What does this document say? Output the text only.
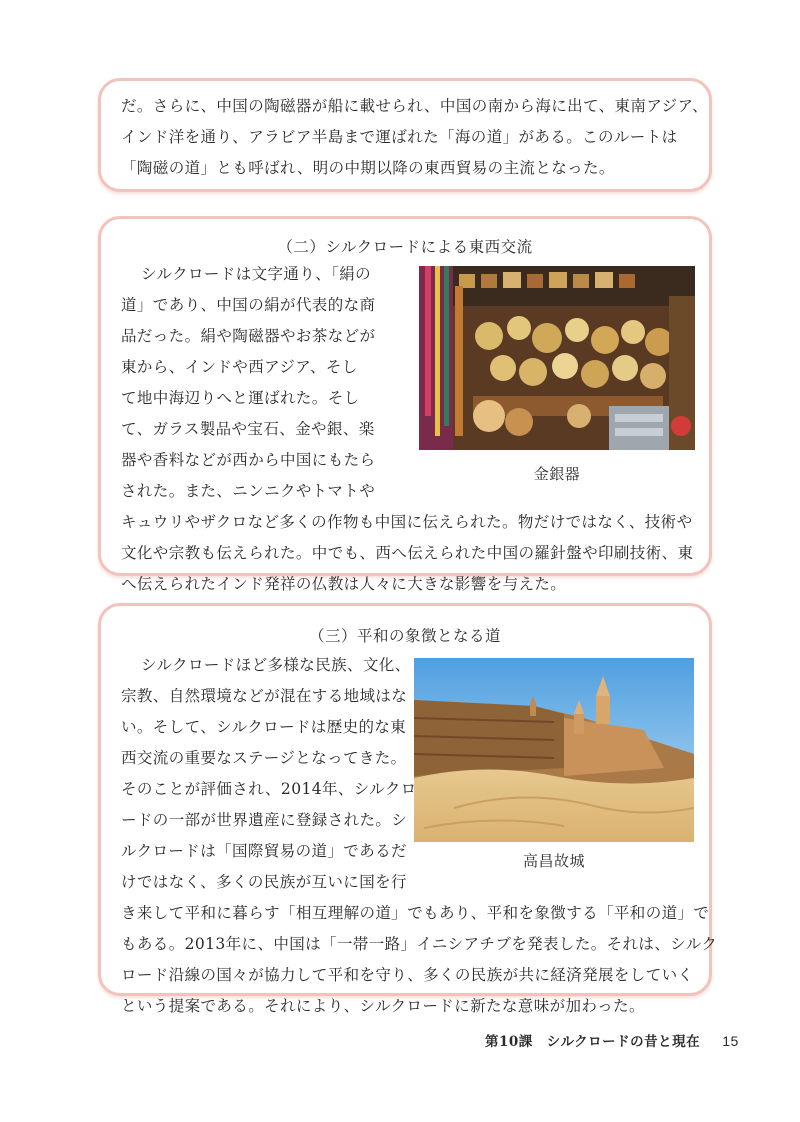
だ。さらに、中国の陶磁器が船に載せられ、中国の南から海に出て、東南アジア、
インド洋を通り、アラビア半島まで運ばれた「海の道」がある。このルートは
「陶磁の道」とも呼ばれ、明の中期以降の東西貿易の主流となった。
（二）シルクロードによる東西交流
金銀器
シルクロードは文字通り、「絹の
道」であり、中国の絹が代表的な商
品だった。絹や陶磁器やお茶などが
東から、インドや西アジア、そし
て地中海辺りへと運ばれた。そし
て、ガラス製品や宝石、金や銀、楽
器や香料などが西から中国にもたら
された。また、ニンニクやトマトや
キュウリやザクロなど多くの作物も中国に伝えられた。物だけではなく、技術や
文化や宗教も伝えられた。中でも、西へ伝えられた中国の羅針盤や印刷技術、東
へ伝えられたインド発祥の仏教は人々に大きな影響を与えた。
（三）平和の象徴となる道
高昌故城
シルクロードほど多様な民族、文化、
宗教、自然環境などが混在する地域はな
い。そして、シルクロードは歴史的な東
西交流の重要なステージとなってきた。
そのことが評価され、2014年、シルクロ
ードの一部が世界遺産に登録された。シ
ルクロードは「国際貿易の道」であるだ
けではなく、多くの民族が互いに国を行
き来して平和に暮らす「相互理解の道」でもあり、平和を象徴する「平和の道」で
もある。2013年に、中国は「一帯一路」イニシアチブを発表した。それは、シルク
ロード沿線の国々が協力して平和を守り、多くの民族が共に経済発展をしていく
という提案である。それにより、シルクロードに新たな意味が加わった。
第10課　シルクロードの昔と現在 15
